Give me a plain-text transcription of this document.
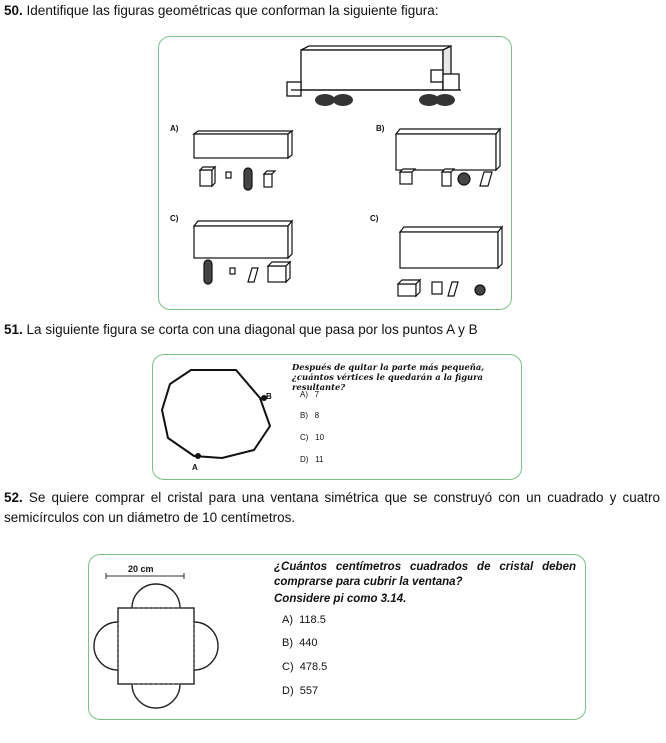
50. Identifique las figuras geométricas que conforman la siguiente figura:
A)	B)
C)	C)
51. La siguiente figura se corta con una diagonal que pasa por los puntos A y B
B
A
Después de quitar la parte más pequeña, ¿cuántos vértices le quedarán a la figura resultante?
A) 7
B) 8
C) 10
D) 11
52. Se quiere comprar el cristal para una ventana simétrica que se construyó con un cuadrado y cuatro semicírculos con un diámetro de 10 centímetros.
20 cm	¿Cuántos centímetros cuadrados de cristal deben comprarse para cubrir la ventana?
Considere pi como 3.14.
A) 118.5
B) 440
C) 478.5
D) 557
